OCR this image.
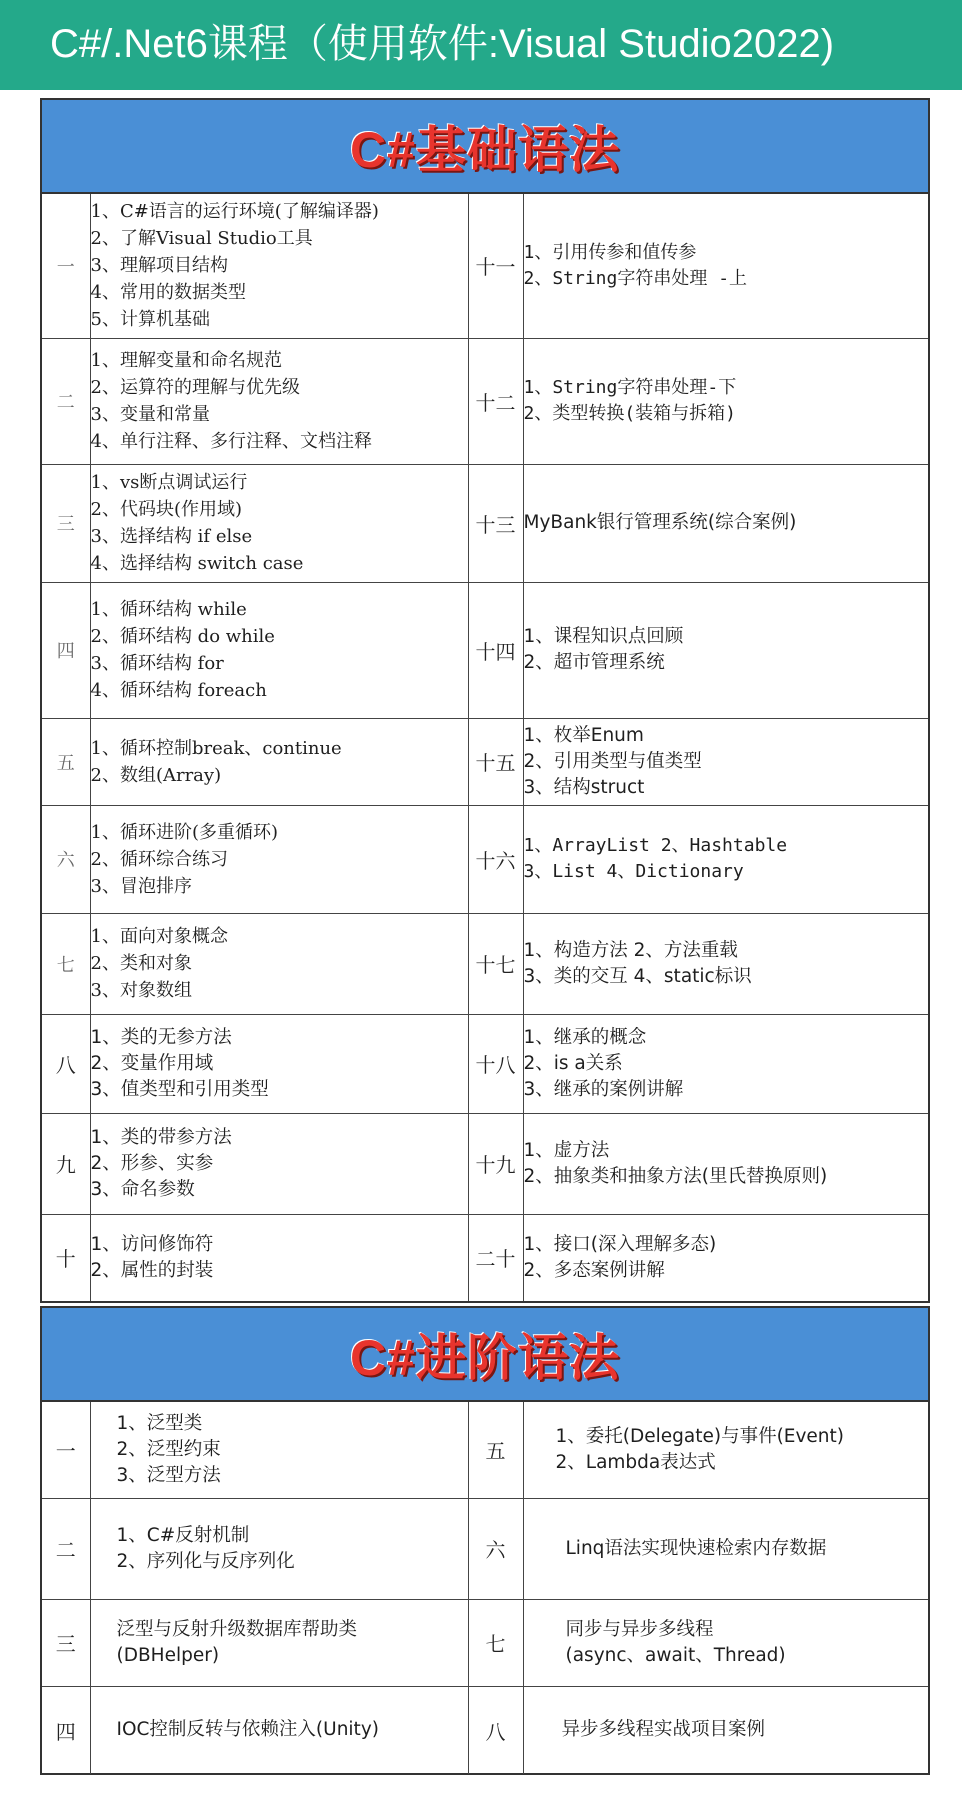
C#/.Net6课程（使用软件:Visual Studio2022)
C#基础语法
一	1、C#语言的运行环境(了解编译器)
2、了解Visual Studio工具
3、理解项目结构
4、常用的数据类型
5、计算机基础	十一	1、引用传参和值传参
2、String字符串处理 -上

二	1、理解变量和命名规范
2、运算符的理解与优先级
3、变量和常量
4、单行注释、多行注释、文档注释	十二	1、String字符串处理-下
2、类型转换(装箱与拆箱)

三	1、vs断点调试运行
2、代码块(作用域)
3、选择结构 if else
4、选择结构 switch case	十三	MyBank银行管理系统(综合案例)

四	1、循环结构 while
2、循环结构 do while
3、循环结构 for
4、循环结构 foreach	十四	1、课程知识点回顾
2、超市管理系统

五	1、循环控制break、continue
2、数组(Array)	十五	1、枚举Enum
2、引用类型与值类型
3、结构struct

六	1、循环进阶(多重循环)
2、循环综合练习
3、冒泡排序	十六	1、ArrayList 2、Hashtable
3、List 4、Dictionary

七	1、面向对象概念
2、类和对象
3、对象数组	十七	1、构造方法 2、方法重载
3、类的交互 4、static标识

八	1、类的无参方法
2、变量作用域
3、值类型和引用类型	十八	1、继承的概念
2、is a关系
3、继承的案例讲解

九	1、类的带参方法
2、形参、实参
3、命名参数	十九	1、虚方法
2、抽象类和抽象方法(里氏替换原则)

十	1、访问修饰符
2、属性的封装	二十	1、接口(深入理解多态)
2、多态案例讲解
C#进阶语法
一	1、泛型类
2、泛型约束
3、泛型方法	五	1、委托(Delegate)与事件(Event)
2、Lambda表达式

二	1、C#反射机制
2、序列化与反序列化	六	Linq语法实现快速检索内存数据

三	泛型与反射升级数据库帮助类
(DBHelper)	七	同步与异步多线程
(async、await、Thread)

四	IOC控制反转与依赖注入(Unity)	八	异步多线程实战项目案例
